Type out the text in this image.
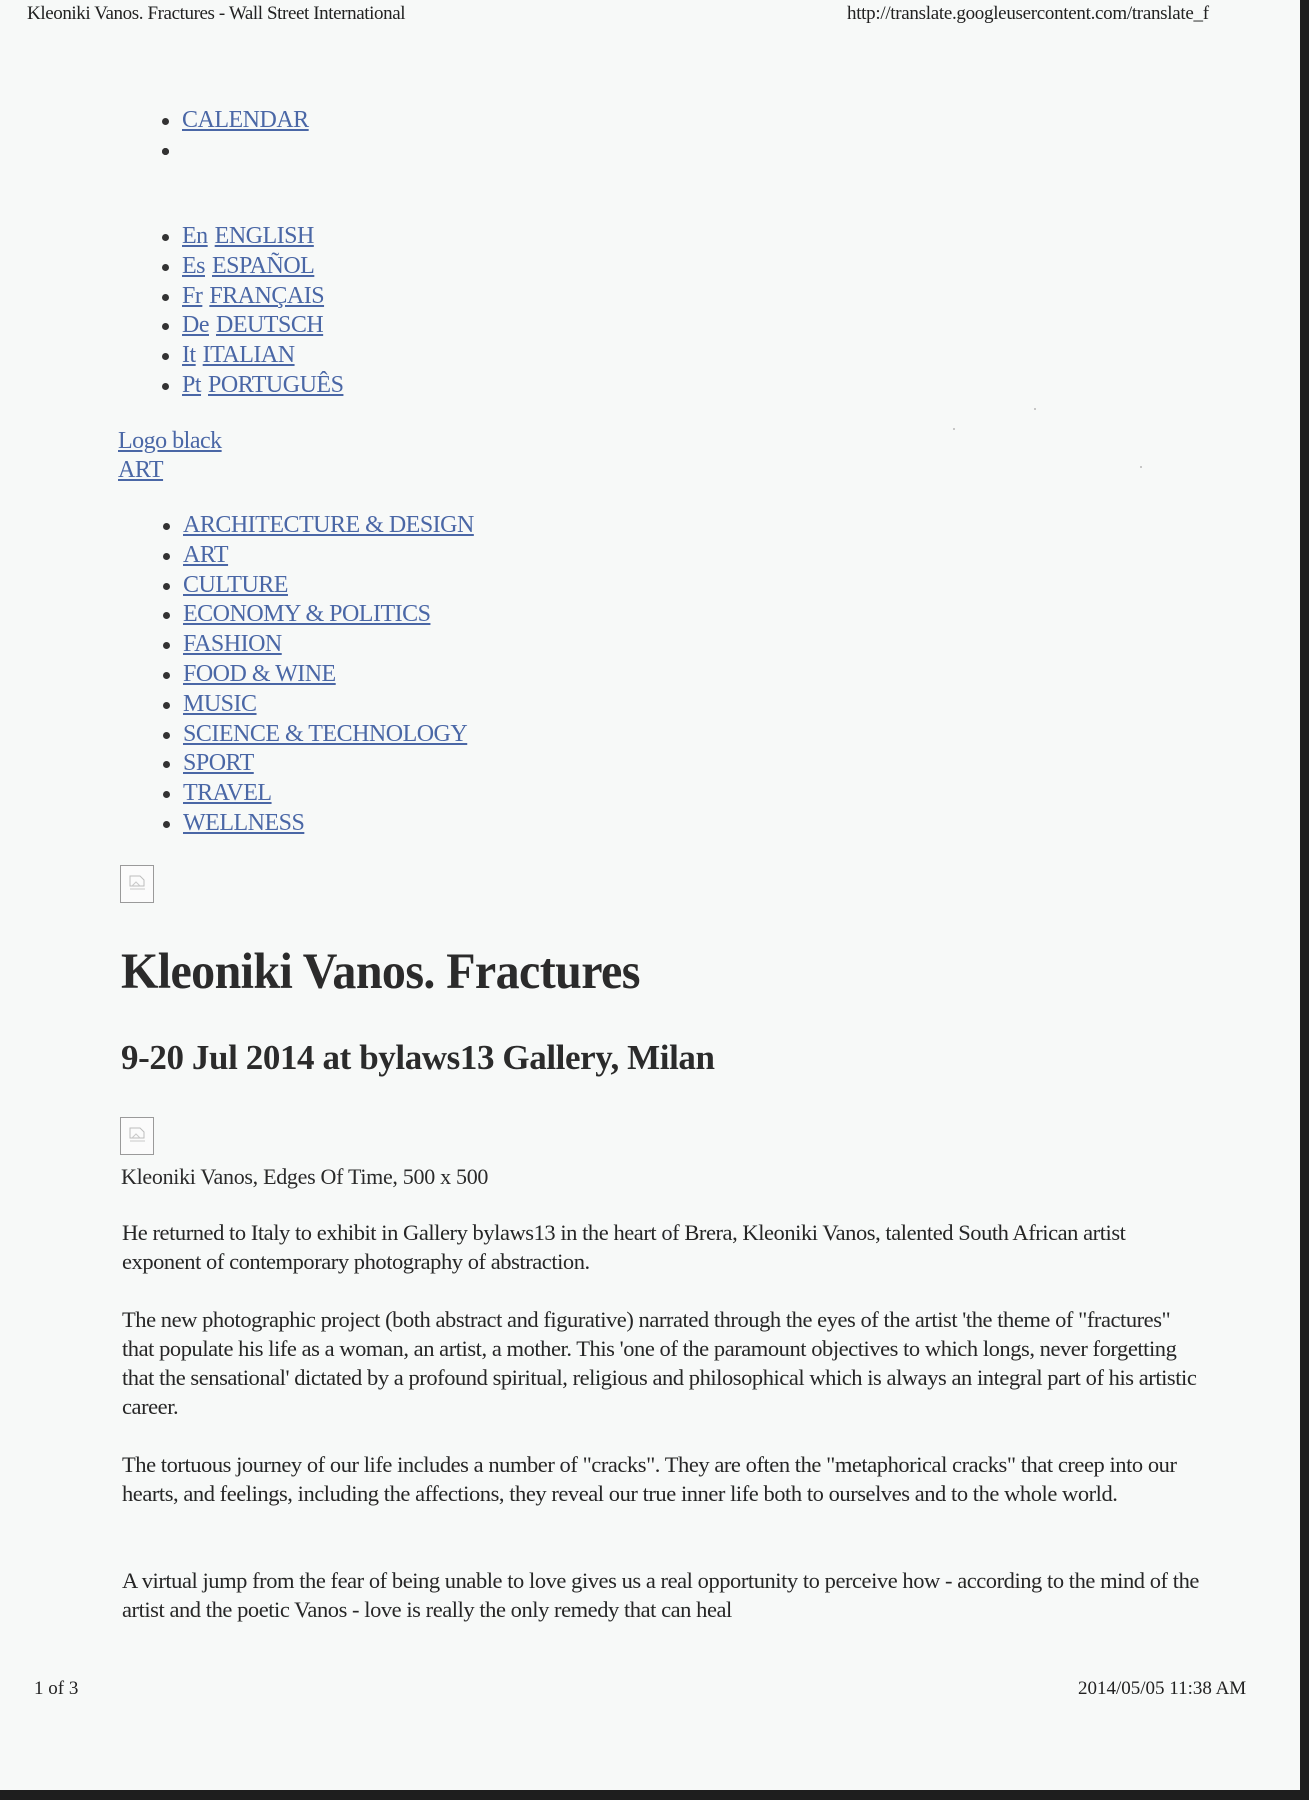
Kleoniki Vanos. Fractures - Wall Street International	http://translate.googleusercontent.com/translate_f
CALENDAR
En ENGLISH
Es ESPAÑOL
Fr FRANÇAIS
De DEUTSCH
It ITALIAN
Pt PORTUGUÊS
Logo black
ART
ARCHITECTURE & DESIGN
ART
CULTURE
ECONOMY & POLITICS
FASHION
FOOD & WINE
MUSIC
SCIENCE & TECHNOLOGY
SPORT
TRAVEL
WELLNESS
Kleoniki Vanos. Fractures
9-20 Jul 2014 at bylaws13 Gallery, Milan
Kleoniki Vanos, Edges Of Time, 500 x 500

He returned to Italy to exhibit in Gallery bylaws13 in the heart of Brera, Kleoniki Vanos, talented South African artist exponent of contemporary photography of abstraction.

The new photographic project (both abstract and figurative) narrated through the eyes of the artist 'the theme of "fractures" that populate his life as a woman, an artist, a mother. This 'one of the paramount objectives to which longs, never forgetting that the sensational' dictated by a profound spiritual, religious and philosophical which is always an integral part of his artistic career.

The tortuous journey of our life includes a number of "cracks". They are often the "metaphorical cracks" that creep into our hearts, and feelings, including the affections, they reveal our true inner life both to ourselves and to the whole world.

A virtual jump from the fear of being unable to love gives us a real opportunity to perceive how - according to the mind of the artist and the poetic Vanos - love is really the only remedy that can heal

1 of 3	2014/05/05 11:38 AM
